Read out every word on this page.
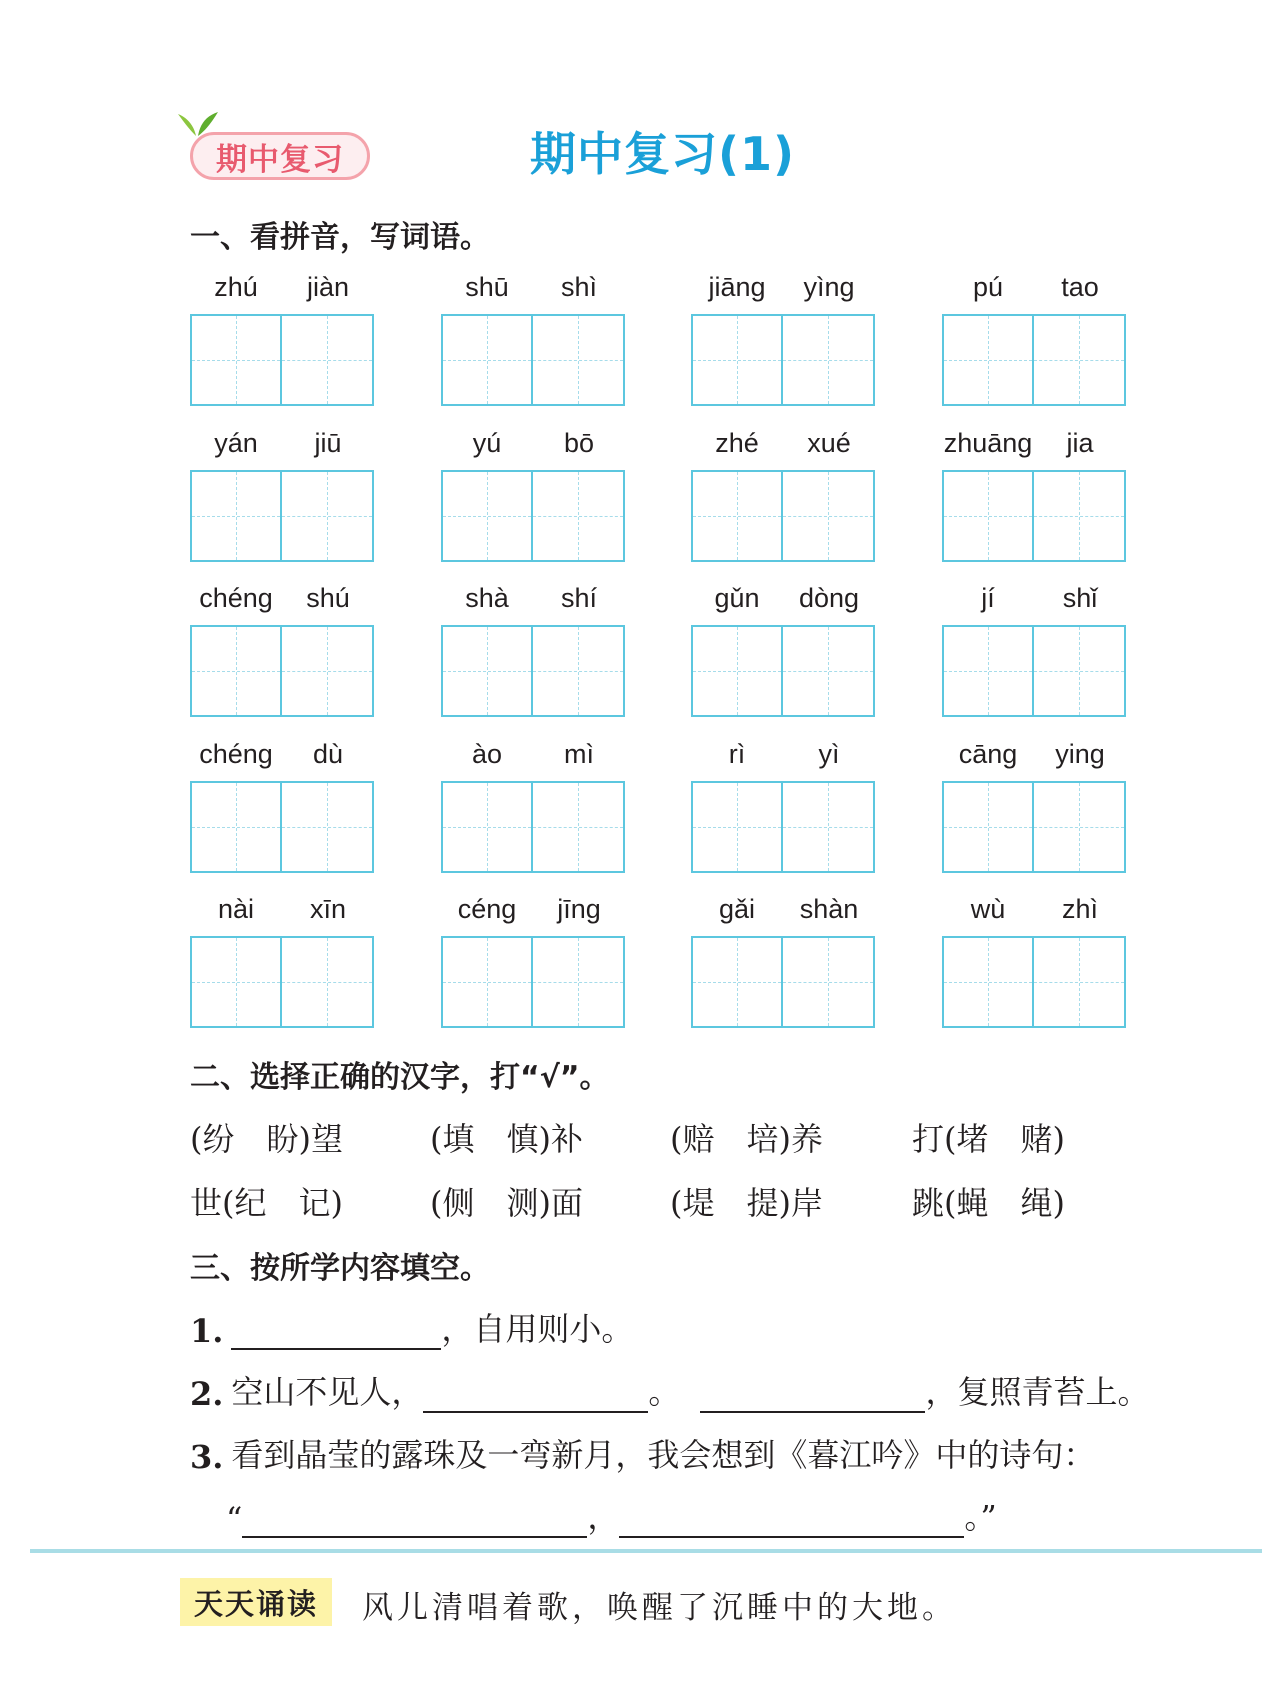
期中复习	期中复习(1)
一、看拼音，写词语。
zhú	jiàn	shū	shì	jiāng	yìng	pú	tao
yán	jiū	yú	bō	zhé	xué	zhuāng	jia
chéng	shú	shà	shí	gǔn	dòng	jí	shǐ
chéng	dù	ào	mì	rì	yì	cāng	ying
nài	xīn	céng	jīng	gǎi	shàn	wù	zhì
二、选择正确的汉字，打“√”。
(纷　盼)望	(填　慎)补	(赔　培)养	打(堵　赌)
世(纪　记)	(侧　测)面	(堤　提)岸	跳(蝇　绳)
三、按所学内容填空。
1.	，自用则小。
2. 空山不见人，	。	，复照青苔上。
3. 看到晶莹的露珠及一弯新月，我会想到《暮江吟》中的诗句：
“	，	。”
天天诵读	风儿清唱着歌，唤醒了沉睡中的大地。
